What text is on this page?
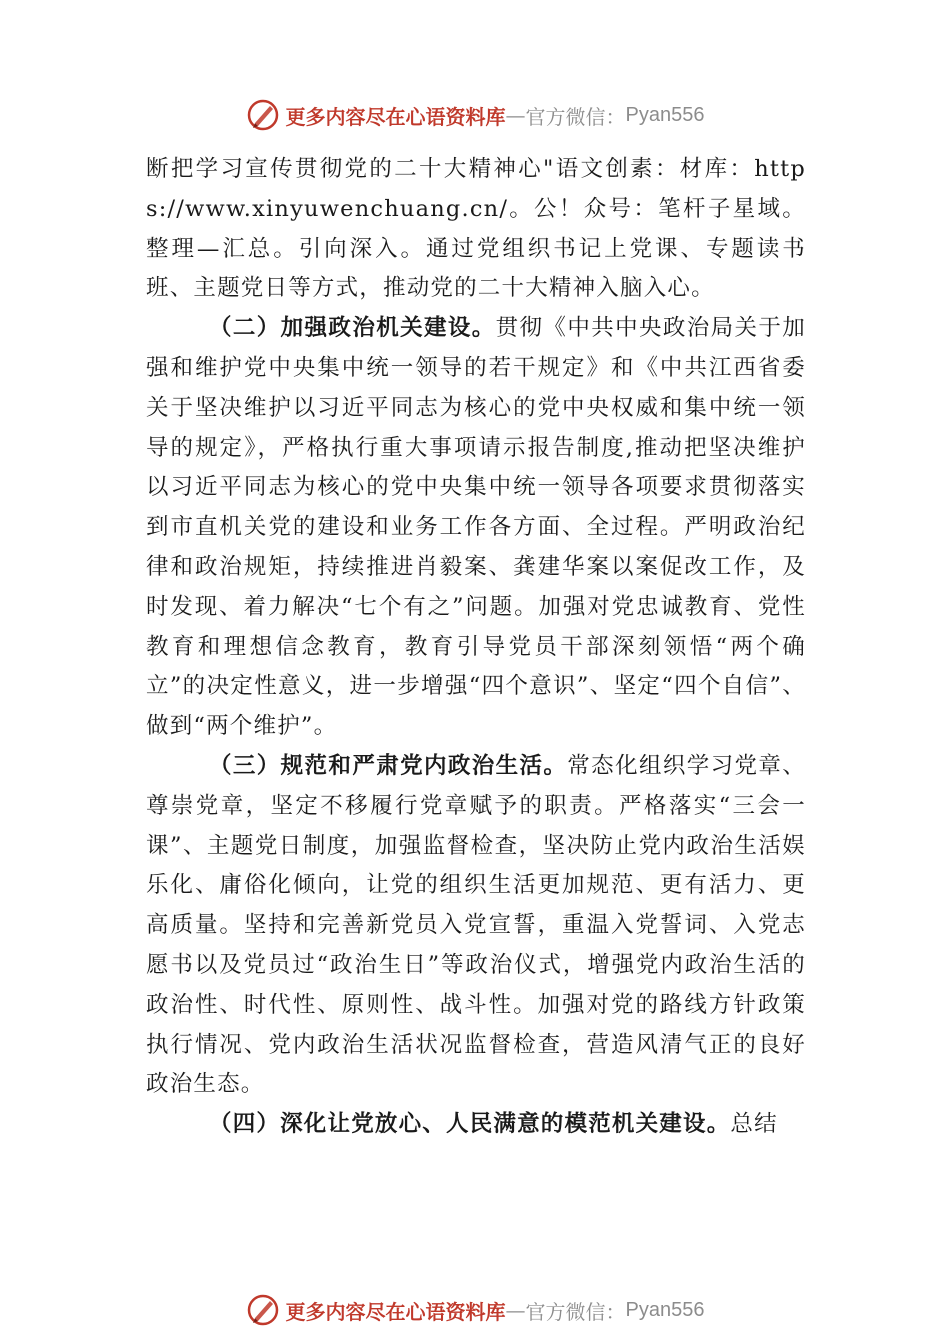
更多内容尽在心语资料库 — 官方微信： Pyan556

断把学习宣传贯彻党的二十大精神心"语文创素：材库：https://www.xinyuwenchuang.cn/。公！众号：笔杆子星域。整理—汇总。引向深入。通过党组织书记上党课、专题读书班、主题党日等方式，推动党的二十大精神入脑入心。

（二）加强政治机关建设。贯彻《中共中央政治局关于加强和维护党中央集中统一领导的若干规定》和《中共江西省委关于坚决维护以习近平同志为核心的党中央权威和集中统一领导的规定》，严格执行重大事项请示报告制度,推动把坚决维护以习近平同志为核心的党中央集中统一领导各项要求贯彻落实到市直机关党的建设和业务工作各方面、全过程。严明政治纪律和政治规矩，持续推进肖毅案、龚建华案以案促改工作，及时发现、着力解决“七个有之”问题。加强对党忠诚教育、党性教育和理想信念教育，教育引导党员干部深刻领悟“两个确立”的决定性意义，进一步增强“四个意识”、坚定“四个自信”、做到“两个维护”。

（三）规范和严肃党内政治生活。常态化组织学习党章、尊崇党章，坚定不移履行党章赋予的职责。严格落实“三会一课”、主题党日制度，加强监督检查，坚决防止党内政治生活娱乐化、庸俗化倾向，让党的组织生活更加规范、更有活力、更高质量。坚持和完善新党员入党宣誓，重温入党誓词、入党志愿书以及党员过“政治生日”等政治仪式，增强党内政治生活的政治性、时代性、原则性、战斗性。加强对党的路线方针政策执行情况、党内政治生活状况监督检查，营造风清气正的良好政治生态。

（四）深化让党放心、人民满意的模范机关建设。总结

更多内容尽在心语资料库 — 官方微信： Pyan556
